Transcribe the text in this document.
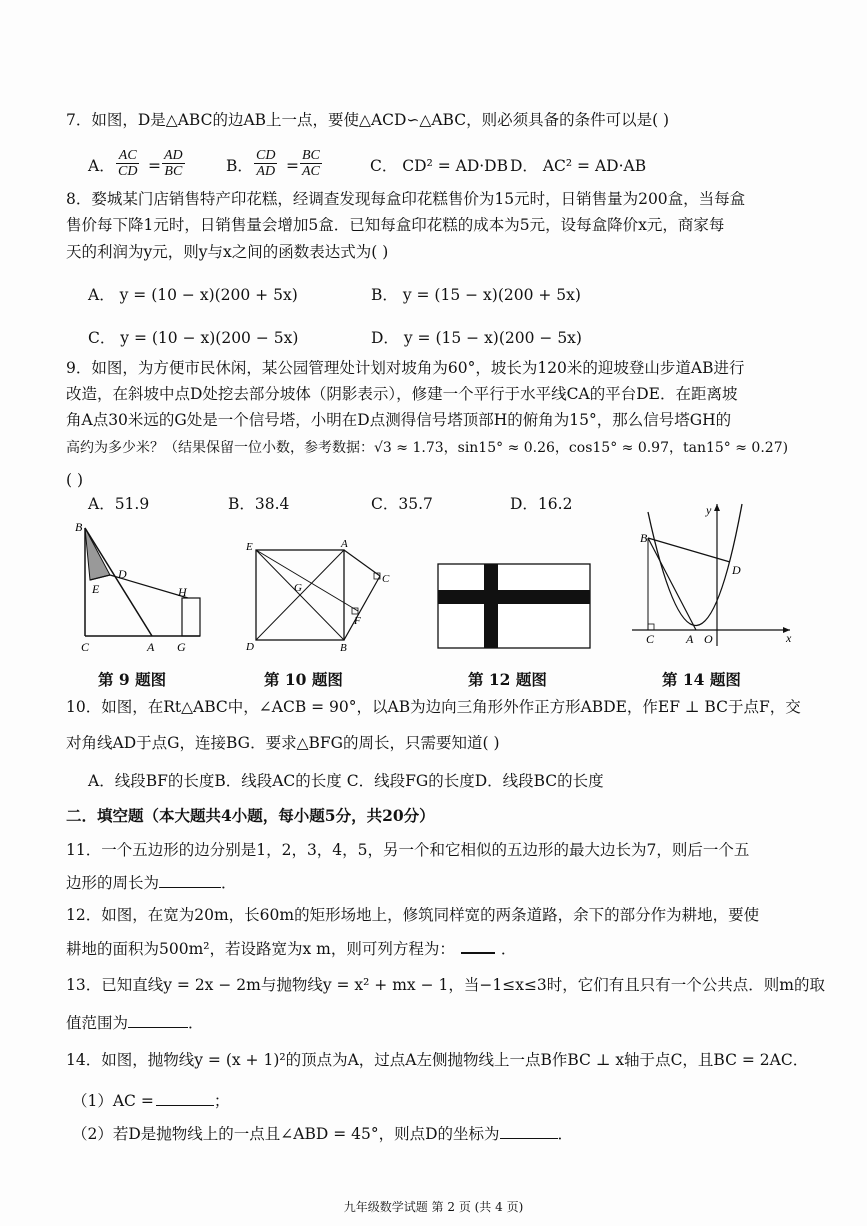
7．如图，D是△ABC的边AB上一点，要使△ACD∽△ABC，则必须具备的条件可以是( )
A． $\frac{AC}{CD} = \frac{AD}{BC}$	B． $\frac{CD}{AD} = \frac{BC}{AC}$	C． CD² = AD·DB D． AC² = AD·AB
8．婺城某门店销售特产印花糕，经调查发现每盒印花糕售价为15元时，日销售量为200盒，当每盒
售价每下降1元时，日销售量会增加5盒．已知每盒印花糕的成本为5元，设每盒降价x元，商家每
天的利润为y元，则y与x之间的函数表达式为( )
A． y = (10 − x)(200 + 5x)	B． y = (15 − x)(200 + 5x)
C． y = (10 − x)(200 − 5x)	D． y = (15 − x)(200 − 5x)
9．如图，为方便市民休闲，某公园管理处计划对坡角为60°，坡长为120米的迎坡登山步道AB进行
改造，在斜坡中点D处挖去部分坡体（阴影表示），修建一个平行于水平线CA的平台DE．在距离坡
角A点30米远的G处是一个信号塔，小明在D点测得信号塔顶部H的俯角为15°，那么信号塔GH的
高约为多少米？（结果保留一位小数，参考数据：√3 ≈ 1.73，sin15° ≈ 0.26，cos15° ≈ 0.97，tan15° ≈ 0.27)
( )
A．51.9	B．38.4	C．35.7	D．16.2
B
E
D
H
C	A G
第 9 题图
E	A
G
C
F
D	B
第 10 题图	第 12 题图
y
B
D
C	A O	x
第 14 题图
10．如图，在Rt△ABC中，∠ACB = 90°，以AB为边向三角形外作正方形ABDE，作EF ⊥ BC于点F，交
对角线AD于点G，连接BG．要求△BFG的周长，只需要知道( )
A．线段BF的长度B．线段AC的长度 C．线段FG的长度D．线段BC的长度
二．填空题（本大题共4小题，每小题5分，共20分）
11．一个五边形的边分别是1，2，3，4，5，另一个和它相似的五边形的最大边长为7，则后一个五
边形的周长为	．
12．如图，在宽为20m，长60m的矩形场地上，修筑同样宽的两条道路，余下的部分作为耕地，要使
耕地的面积为500m²，若设路宽为x m，则可列方程为：	．
13．已知直线y = 2x − 2m与抛物线y = x² + mx − 1，当−1≤x≤3时，它们有且只有一个公共点．则m的取
值范围为	．
14．如图，抛物线y = (x + 1)²的顶点为A，过点A左侧抛物线上一点B作BC ⊥ x轴于点C，且BC = 2AC．
（1）AC =	；
（2）若D是抛物线上的一点且∠ABD = 45°，则点D的坐标为	．
九年级数学试题 第 2 页 (共 4 页)
